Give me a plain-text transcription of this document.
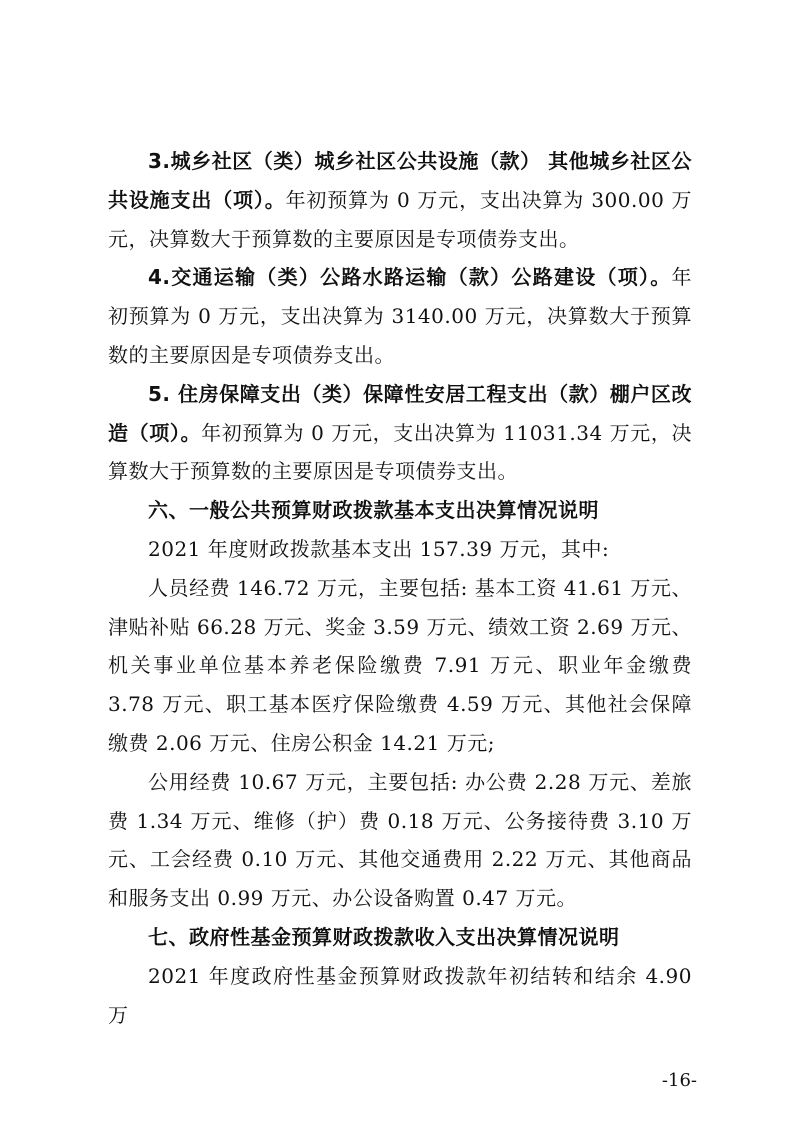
3.城乡社区（类）城乡社区公共设施（款） 其他城乡社区公共设施支出（项）。年初预算为 0 万元，支出决算为 300.00 万元，决算数大于预算数的主要原因是专项债券支出。

4.交通运输（类）公路水路运输（款）公路建设（项）。年初预算为 0 万元，支出决算为 3140.00 万元，决算数大于预算数的主要原因是专项债券支出。

5. 住房保障支出（类）保障性安居工程支出（款）棚户区改造（项）。年初预算为 0 万元，支出决算为 11031.34 万元，决算数大于预算数的主要原因是专项债券支出。

六、一般公共预算财政拨款基本支出决算情况说明

2021 年度财政拨款基本支出 157.39 万元，其中:

人员经费 146.72 万元，主要包括: 基本工资 41.61 万元、津贴补贴 66.28 万元、奖金 3.59 万元、绩效工资 2.69 万元、机关事业单位基本养老保险缴费 7.91 万元、职业年金缴费 3.78 万元、职工基本医疗保险缴费 4.59 万元、其他社会保障缴费 2.06 万元、住房公积金 14.21 万元;

公用经费 10.67 万元，主要包括: 办公费 2.28 万元、差旅费 1.34 万元、维修（护）费 0.18 万元、公务接待费 3.10 万元、工会经费 0.10 万元、其他交通费用 2.22 万元、其他商品和服务支出 0.99 万元、办公设备购置 0.47 万元。

七、政府性基金预算财政拨款收入支出决算情况说明

2021 年度政府性基金预算财政拨款年初结转和结余 4.90 万

-16-
